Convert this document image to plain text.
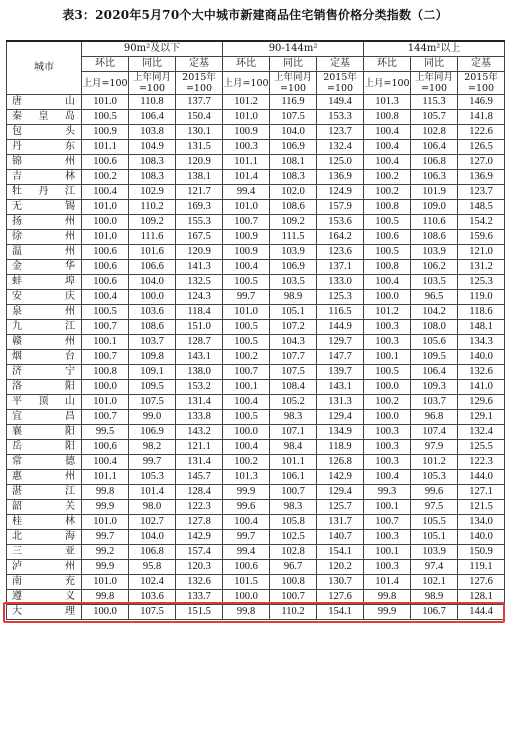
表3：2020年5月70个大中城市新建商品住宅销售价格分类指数（二）
城市	90m²及以下			90-144m²			144m²以上		
	环比	同比	定基	环比	同比	定基	环比	同比	定基
	上月=100	上年同月=100	2015年=100	上月=100	上年同月=100	2015年=100	上月=100	上年同月=100	2015年=100
唐　山	101.0	110.8	137.7	101.2	116.9	149.4	101.3	115.3	146.9
秦皇岛	100.5	106.4	150.4	101.0	107.5	153.3	100.8	105.7	141.8
包　头	100.9	103.8	130.1	100.9	104.0	123.7	100.4	102.8	122.6
丹　东	101.1	104.9	131.5	100.3	106.9	132.4	100.4	106.4	126.5
锦　州	100.6	108.3	120.9	101.1	108.1	125.0	100.4	106.8	127.0
吉　林	100.2	108.3	138.1	101.4	108.3	136.9	100.2	106.3	136.9
牡丹江	100.4	102.9	121.7	99.4	102.0	124.9	100.2	101.9	123.7
无　锡	101.0	110.2	169.3	101.0	108.6	157.9	100.8	109.0	148.5
扬　州	100.0	109.2	155.3	100.7	109.2	153.6	100.5	110.6	154.2
徐　州	101.0	111.6	167.5	100.9	111.5	164.2	100.6	108.6	159.6
温　州	100.6	101.6	120.9	100.9	103.9	123.6	100.5	103.9	121.0
金　华	100.6	106.6	141.3	100.4	106.9	137.1	100.8	106.2	131.2
蚌　埠	100.6	104.0	132.5	100.5	103.5	133.0	100.4	103.5	125.3
安　庆	100.4	100.0	124.3	99.7	98.9	125.3	100.0	96.5	119.0
泉　州	100.5	103.6	118.4	101.0	105.1	116.5	101.2	104.2	118.6
九　江	100.7	108.6	151.0	100.5	107.2	144.9	100.3	108.0	148.1
赣　州	100.1	103.7	128.7	100.5	104.3	129.7	100.3	105.6	134.3
烟　台	100.7	109.8	143.1	100.2	107.7	147.7	100.1	109.5	140.0
济　宁	100.8	109.1	138.0	100.7	107.5	139.7	100.5	106.4	132.6
洛　阳	100.0	109.5	153.2	100.1	108.4	143.1	100.0	109.3	141.0
平顶山	101.0	107.5	131.4	100.4	105.2	131.3	100.2	103.7	129.6
宜　昌	100.7	99.0	133.8	100.5	98.3	129.4	100.0	96.8	129.1
襄　阳	99.5	106.9	143.2	100.0	107.1	134.9	100.3	107.4	132.4
岳　阳	100.6	98.2	121.1	100.4	98.4	118.9	100.3	97.9	125.5
常　德	100.4	99.7	131.4	100.2	101.1	126.8	100.3	101.2	122.3
惠　州	101.1	105.3	145.7	101.3	106.1	142.9	100.4	105.3	144.0
湛　江	99.8	101.4	128.4	99.9	100.7	129.4	99.3	99.6	127.1
韶　关	99.9	98.0	122.3	99.6	98.3	125.7	100.1	97.5	121.5
桂　林	101.0	102.7	127.8	100.4	105.8	131.7	100.7	105.5	134.0
北　海	99.7	104.0	142.9	99.7	102.5	140.7	100.3	105.1	140.0
三　亚	99.2	106.8	157.4	99.4	102.8	154.1	100.1	103.9	150.9
泸　州	99.9	95.8	120.3	100.6	96.7	120.2	100.3	97.4	119.1
南　充	101.0	102.4	132.6	101.5	100.8	130.7	101.4	102.1	127.6
遵　义	99.8	103.6	133.7	100.0	100.7	127.6	99.8	98.9	128.1
大　理	100.0	107.5	151.5	99.8	110.2	154.1	99.9	106.7	144.4
